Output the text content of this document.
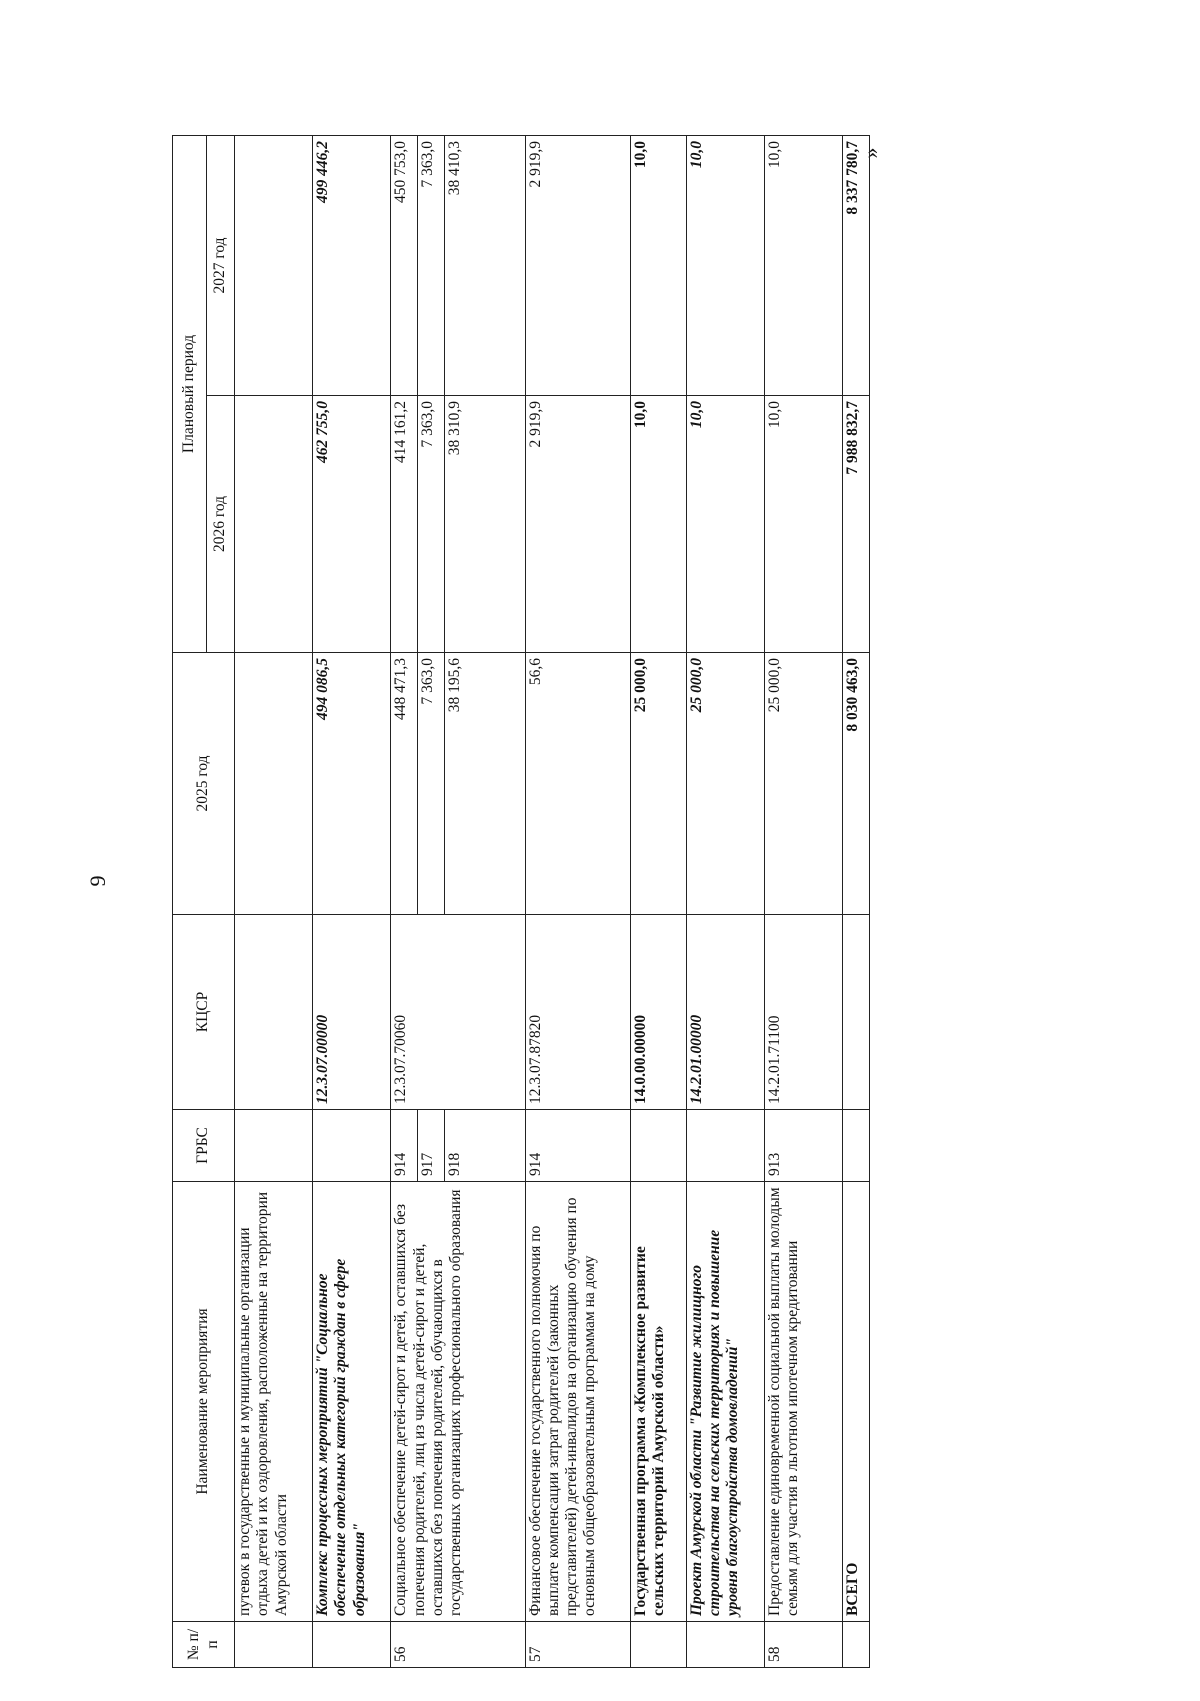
9
»
№ п/п	Наименование мероприятия	ГРБС	КЦСР	2025 год	Плановый период	
					2026 год	2027 год
	путевок в государственные и муниципальные организации отдыха детей и их оздоровления, расположенные на территории Амурской области					
	Комплекс процессных мероприятий "Социальное обеспечение отдельных категорий граждан в сфере образования"		12.3.07.00000	494 086,5	462 755,0	499 446,2
56	Социальное обеспечение детей-сирот и детей, оставшихся без попечения родителей, лиц из числа детей-сирот и детей, оставшихся без попечения родителей, обучающихся в государственных организациях профессионального образования	914	12.3.07.70060	448 471,3	414 161,2	450 753,0
		917		7 363,0	7 363,0	7 363,0
		918		38 195,6	38 310,9	38 410,3
57	Финансовое обеспечение государственного полномочия по выплате компенсации затрат родителей (законных представителей) детей-инвалидов на организацию обучения по основным общеобразовательным программам на дому	914	12.3.07.87820	56,6	2 919,9	2 919,9
	Государственная программа «Комплексное развитие сельских территорий Амурской области»		14.0.00.00000	25 000,0	10,0	10,0
	Проект Амурской области "Развитие жилищного строительства на сельских территориях и повышение уровня благоустройства домовладений"		14.2.01.00000	25 000,0	10,0	10,0
58	Предоставление единовременной социальной выплаты молодым семьям для участия в льготном ипотечном кредитовании	913	14.2.01.71100	25 000,0	10,0	10,0
	ВСЕГО			8 030 463,0	7 988 832,7	8 337 780,7
